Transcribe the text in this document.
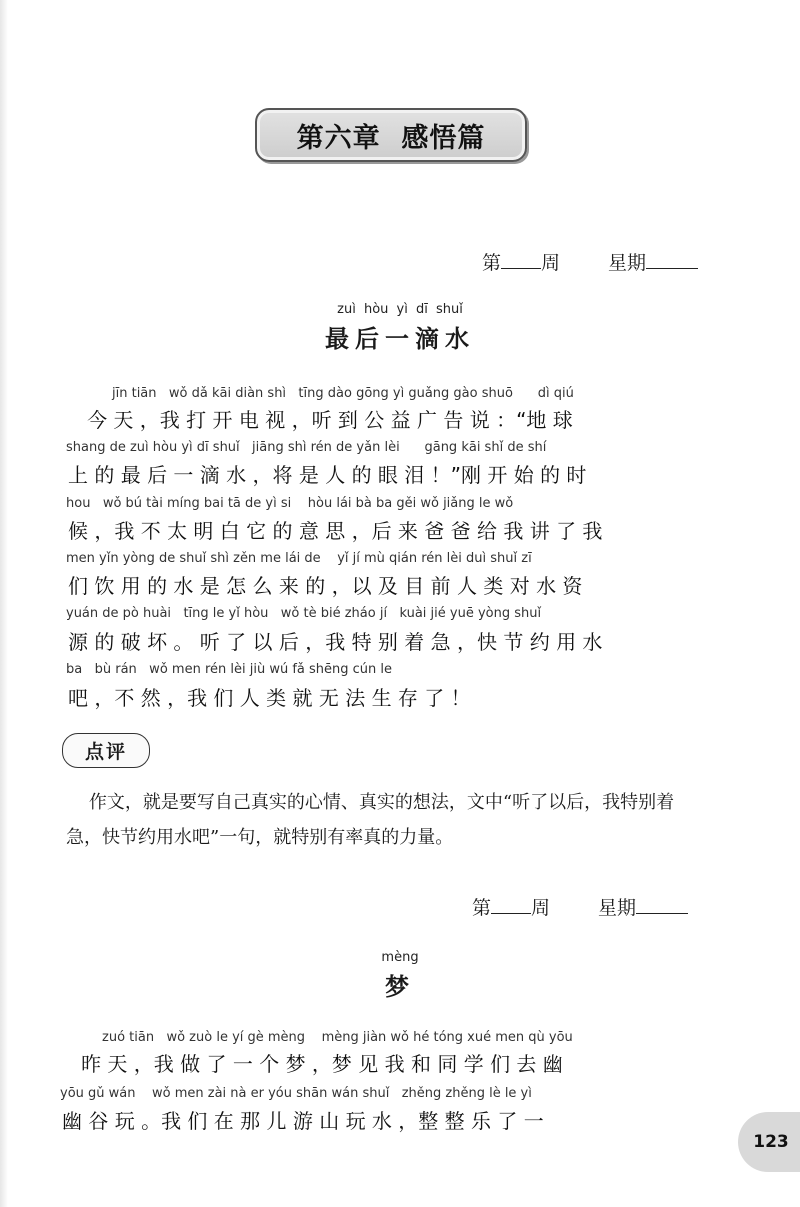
第六章  感悟篇
第 周	星期
zuì hòu yì dī shuǐ
最后一滴水

jīn tiān   wǒ dǎ kāi diàn shì   tīng dào gōng yì guǎng gào shuō      dì qiú

今 天 ，我 打 开 电 视 ，听 到 公 益 广 告 说 ：“地 球

shang de zuì hòu yì dī shuǐ   jiāng shì rén de yǎn lèi      gāng kāi shǐ de shí

上 的 最 后 一 滴 水 ，将 是 人 的 眼 泪 ！”刚 开 始 的 时

hou   wǒ bú tài míng bai tā de yì si    hòu lái bà ba gěi wǒ jiǎng le wǒ

候 ，我 不 太 明 白 它 的 意 思 ，后 来 爸 爸 给 我 讲 了 我

men yǐn yòng de shuǐ shì zěn me lái de    yǐ jí mù qián rén lèi duì shuǐ zī

们 饮 用 的 水 是 怎 么 来 的 ，以 及 目 前 人 类 对 水 资

yuán de pò huài   tīng le yǐ hòu   wǒ tè bié zháo jí   kuài jié yuē yòng shuǐ

源 的 破 坏 。 听 了 以 后 ，我 特 别 着 急 ，快 节 约 用 水

ba   bù rán   wǒ men rén lèi jiù wú fǎ shēng cún le

吧 ，不 然 ，我 们 人 类 就 无 法 生 存 了 ！

点评

作文，就是要写自己真实的心情、真实的想法，文中“听了以后，我特别着

急，快节约用水吧”一句，就特别有率真的力量。

第 周	星期
mèng
梦

zuó tiān   wǒ zuò le yí gè mèng    mèng jiàn wǒ hé tóng xué men qù yōu

昨 天 ，我 做 了 一 个 梦 ，梦 见 我 和 同 学 们 去 幽

yōu gǔ wán    wǒ men zài nà er yóu shān wán shuǐ   zhěng zhěng lè le yì

幽 谷 玩 。我 们 在 那 儿 游 山 玩 水 ，整 整 乐 了 一

123
